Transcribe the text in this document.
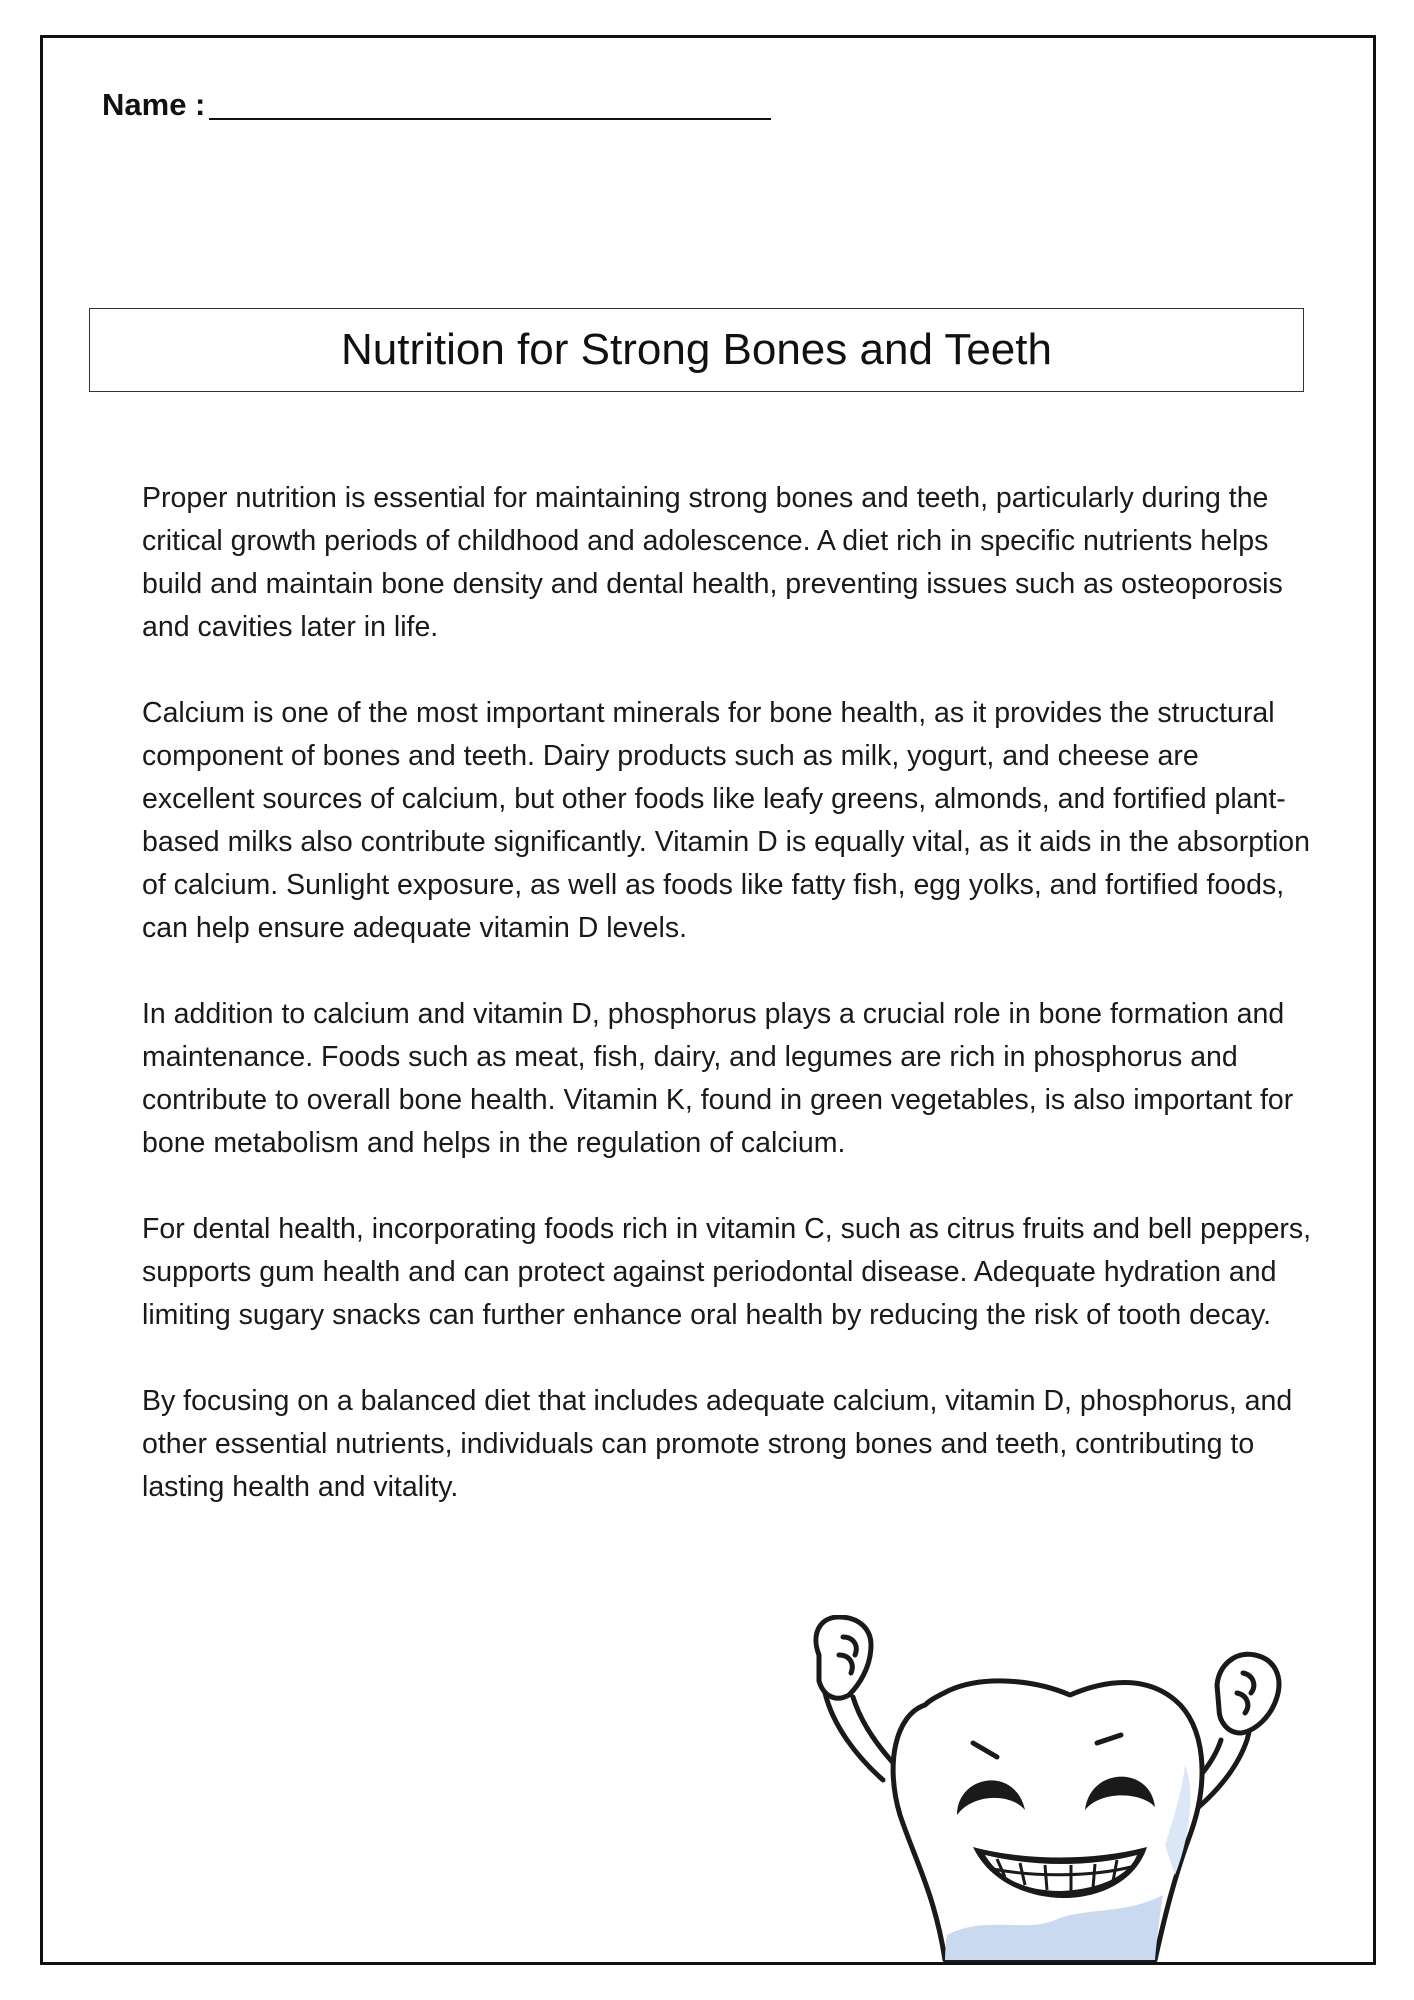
Name :
Nutrition for Strong Bones and Teeth

Proper nutrition is essential for maintaining strong bones and teeth, particularly during the critical growth periods of childhood and adolescence. A diet rich in specific nutrients helps build and maintain bone density and dental health, preventing issues such as osteoporosis and cavities later in life.

Calcium is one of the most important minerals for bone health, as it provides the structural component of bones and teeth. Dairy products such as milk, yogurt, and cheese are excellent sources of calcium, but other foods like leafy greens, almonds, and fortified plant-based milks also contribute significantly. Vitamin D is equally vital, as it aids in the absorption of calcium. Sunlight exposure, as well as foods like fatty fish, egg yolks, and fortified foods, can help ensure adequate vitamin D levels.

In addition to calcium and vitamin D, phosphorus plays a crucial role in bone formation and maintenance. Foods such as meat, fish, dairy, and legumes are rich in phosphorus and contribute to overall bone health. Vitamin K, found in green vegetables, is also important for bone metabolism and helps in the regulation of calcium.

For dental health, incorporating foods rich in vitamin C, such as citrus fruits and bell peppers, supports gum health and can protect against periodontal disease. Adequate hydration and limiting sugary snacks can further enhance oral health by reducing the risk of tooth decay.

By focusing on a balanced diet that includes adequate calcium, vitamin D, phosphorus, and other essential nutrients, individuals can promote strong bones and teeth, contributing to lasting health and vitality.
